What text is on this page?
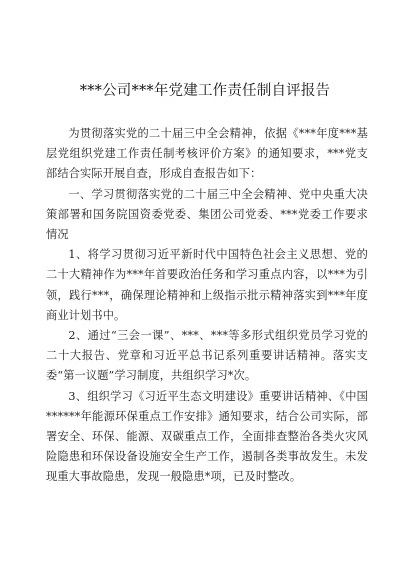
***公司***年党建工作责任制自评报告

为贯彻落实党的二十届三中全会精神，依据《***年度***基层党组织党建工作责任制考核评价方案》的通知要求，***党支部结合实际开展自查，形成自查报告如下：

一、学习贯彻落实党的二十届三中全会精神、党中央重大决策部署和国务院国资委党委、集团公司党委、***党委工作要求情况

1、将学习贯彻习近平新时代中国特色社会主义思想、党的二十大精神作为***年首要政治任务和学习重点内容，以***为引领，践行***，确保理论精神和上级指示批示精神落实到***年度商业计划书中。

2、通过“三会一课”、***、***等多形式组织党员学习党的二十大报告、党章和习近平总书记系列重要讲话精神。落实支委“第一议题”学习制度，共组织学习*次。

3、组织学习《习近平生态文明建设》重要讲话精神、《中国******年能源环保重点工作安排》通知要求，结合公司实际，部署安全、环保、能源、双碳重点工作，全面排查整治各类火灾风险隐患和环保设备设施安全生产工作，遏制各类事故发生。未发现重大事故隐患，发现一般隐患*项，已及时整改。
